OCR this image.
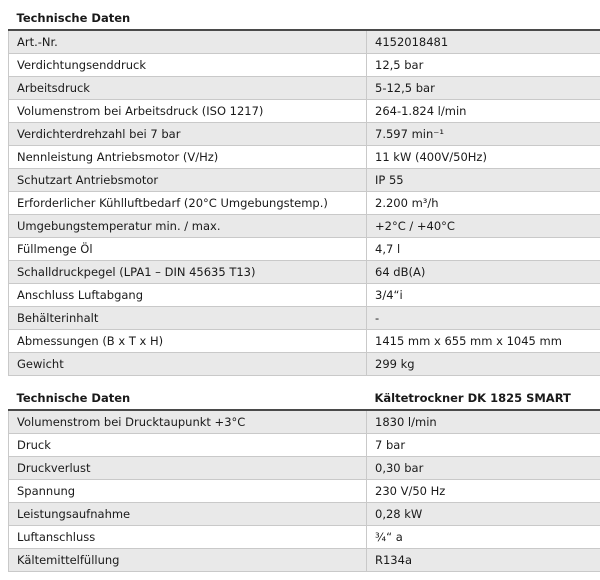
Technische Daten	
Art.-Nr.	4152018481
Verdichtungsenddruck	12,5 bar
Arbeitsdruck	5-12,5 bar
Volumenstrom bei Arbeitsdruck (ISO 1217)	264-1.824 l/min
Verdichterdrehzahl bei 7 bar	7.597 min⁻¹
Nennleistung Antriebsmotor (V/Hz)	11 kW (400V/50Hz)
Schutzart Antriebsmotor	IP 55
Erforderlicher Kühlluftbedarf (20°C Umgebungstemp.)	2.200 m³/h
Umgebungstemperatur min. / max.	+2°C / +40°C
Füllmenge Öl	4,7 l
Schalldruckpegel (LPA1 – DIN 45635 T13)	64 dB(A)
Anschluss Luftabgang	3/4“i
Behälterinhalt	-
Abmessungen (B x T x H)	1415 mm x 655 mm x 1045 mm
Gewicht	299 kg
Technische Daten	Kältetrockner DK 1825 SMART
Volumenstrom bei Drucktaupunkt +3°C	1830 l/min
Druck	7 bar
Druckverlust	0,30 bar
Spannung	230 V/50 Hz
Leistungsaufnahme	0,28 kW
Luftanschluss	¾“ a
Kältemittelfüllung	R134a
